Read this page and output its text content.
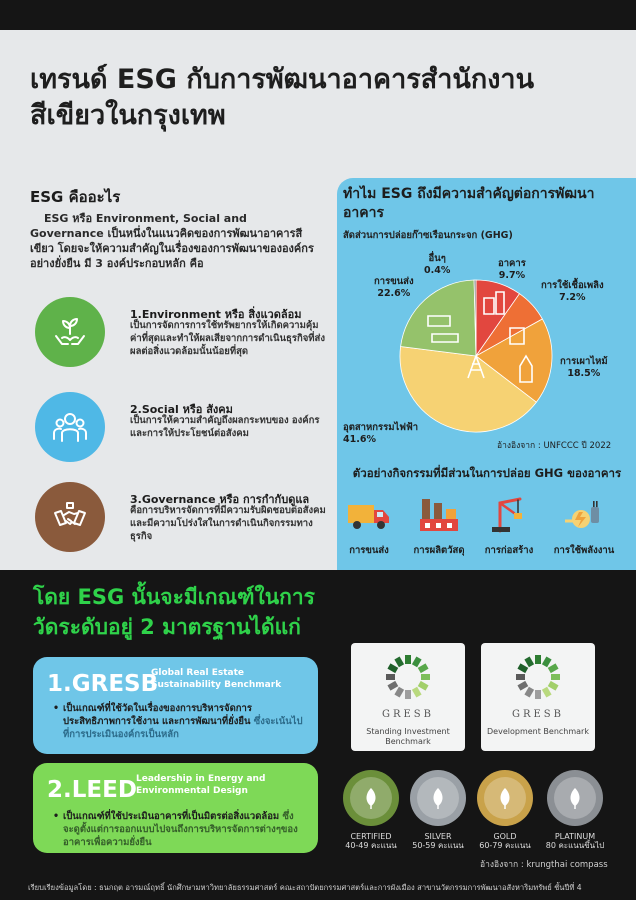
เทรนด์ ESG กับการพัฒนาอาคารสำนักงาน
สีเขียวในกรุงเทพ
ESG คืออะไร
ESG หรือ Environment, Social and Governance เป็นหนึ่งในแนวคิดของการพัฒนาอาคารสีเขียว โดยจะให้ความสำคัญในเรื่องของการพัฒนาขององค์กรอย่างยั่งยืน มี 3 องค์ประกอบหลัก คือ
1.Environment หรือ สิ่งแวดล้อม
เป็นการจัดการการใช้ทรัพยากรให้เกิดความคุ้มค่าที่สุดและทำให้ผลเสียจากการดำเนินธุรกิจที่ส่งผลต่อสิ่งแวดล้อมนั้นน้อยที่สุด
2.Social หรือ สังคม
เป็นการให้ความสำคัญถึงผลกระทบของ องค์กรและการให้ประโยชน์ต่อสังคม
3.Governance หรือ การกำกับดูแล
คือการบริหารจัดการที่มีความรับผิดชอบต่อสังคม และมีความโปร่งใสในการดำเนินกิจกรรมทางธุรกิจ
ทำไม ESG ถึงมีความสำคัญต่อการพัฒนาอาคาร
สัดส่วนการปล่อยก๊าซเรือนกระจก (GHG)
อื่นๆ
0.4%
อาคาร
9.7%
การใช้เชื้อเพลิง
7.2%
การเผาไหม้
18.5%
อุตสาหกรรมไฟฟ้า
41.6%
การขนส่ง
22.6%
อ้างอิงจาก : UNFCCC ปี 2022
ตัวอย่างกิจกรรมที่มีส่วนในการปล่อย GHG ของอาคาร
การขนส่ง	การผลิตวัสดุ	การก่อสร้าง	การใช้พลังงาน
โดย ESG นั้นจะมีเกณฑ์ในการ
วัดระดับอยู่ 2 มาตรฐานได้แก่
1.GRESB
Global Real Estate Sustainability Benchmark
• เป็นเกณฑ์ที่ใช้วัดในเรื่องของการบริหารจัดการประสิทธิภาพการใช้งาน และการพัฒนาที่ยั่งยืน ซึ่งจะเน้นไปที่การประเมินองค์กรเป็นหลัก
2.LEED Leadership in Energy and Environmental Design
• เป็นเกณฑ์ที่ใช้ประเมินอาคารที่เป็นมิตรต่อสิ่งแวดล้อม ซึ่งจะดูตั้งแต่การออกแบบไปจนถึงการบริหารจัดการต่างๆของอาคารเพื่อความยั่งยืน
GRESB
Standing Investment Benchmark
GRESB
Development Benchmark
CERTIFIED
40-49 คะแนน
SILVER
50-59 คะแนน
GOLD
60-79 คะแนน
PLATINUM
80 คะแนนขึ้นไป
อ้างอิงจาก : krungthai compass
เรียบเรียงข้อมูลโดย : ธนกฤต อารมณ์ฤทธิ์ นักศึกษามหาวิทยาลัยธรรมศาสตร์ คณะสถาปัตยกรรมศาสตร์และการผังเมือง สาขานวัตกรรมการพัฒนาอสังหาริมทรัพย์ ชั้นปีที่ 4
